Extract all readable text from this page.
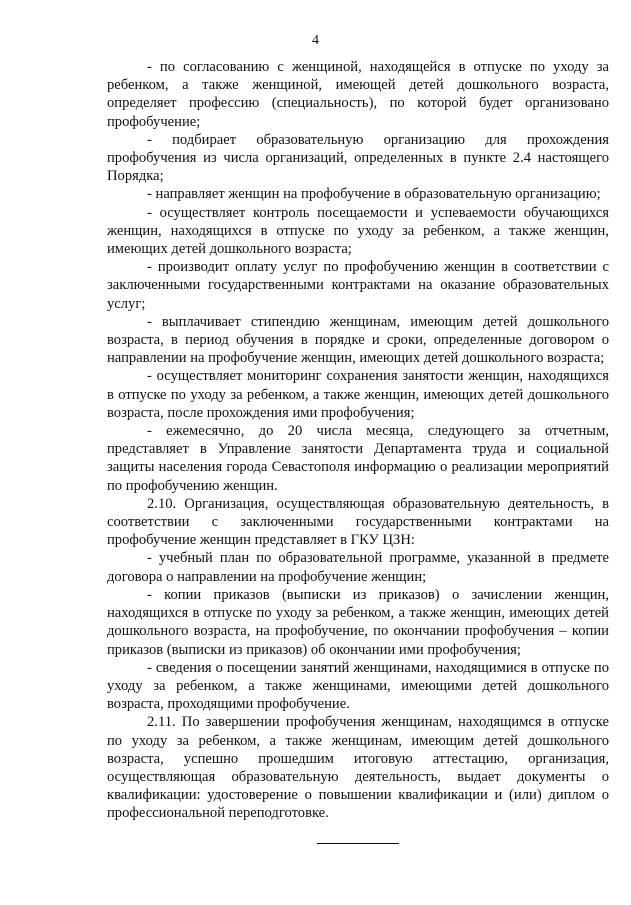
4

- по согласованию с женщиной, находящейся в отпуске по уходу за ребенком, а также женщиной, имеющей детей дошкольного возраста, определяет профессию (специальность), по которой будет организовано профобучение;

- подбирает образовательную организацию для прохождения профобучения из числа организаций, определенных в пункте 2.4 настоящего Порядка;

- направляет женщин на профобучение в образовательную организацию;

- осуществляет контроль посещаемости и успеваемости обучающихся женщин, находящихся в отпуске по уходу за ребенком, а также женщин, имеющих детей дошкольного возраста;

- производит оплату услуг по профобучению женщин в соответствии с заключенными государственными контрактами на оказание образовательных услуг;

- выплачивает стипендию женщинам, имеющим детей дошкольного возраста, в период обучения в порядке и сроки, определенные договором о направлении на профобучение женщин, имеющих детей дошкольного возраста;

- осуществляет мониторинг сохранения занятости женщин, находящихся в отпуске по уходу за ребенком, а также женщин, имеющих детей дошкольного возраста, после прохождения ими профобучения;

- ежемесячно, до 20 числа месяца, следующего за отчетным, представляет в Управление занятости Департамента труда и социальной защиты населения города Севастополя информацию о реализации мероприятий по профобучению женщин.

2.10. Организация, осуществляющая образовательную деятельность, в соответствии с заключенными государственными контрактами на профобучение женщин представляет в ГКУ ЦЗН:

- учебный план по образовательной программе, указанной в предмете договора о направлении на профобучение женщин;

- копии приказов (выписки из приказов) о зачислении женщин, находящихся в отпуске по уходу за ребенком, а также женщин, имеющих детей дошкольного возраста, на профобучение, по окончании профобучения – копии приказов (выписки из приказов) об окончании ими профобучения;

- сведения о посещении занятий женщинами, находящимися в отпуске по уходу за ребенком, а также женщинами, имеющими детей дошкольного возраста, проходящими профобучение.

2.11. По завершении профобучения женщинам, находящимся в отпуске по уходу за ребенком, а также женщинам, имеющим детей дошкольного возраста, успешно прошедшим итоговую аттестацию, организация, осуществляющая образовательную деятельность, выдает документы о квалификации: удостоверение о повышении квалификации и (или) диплом о профессиональной переподготовке.
